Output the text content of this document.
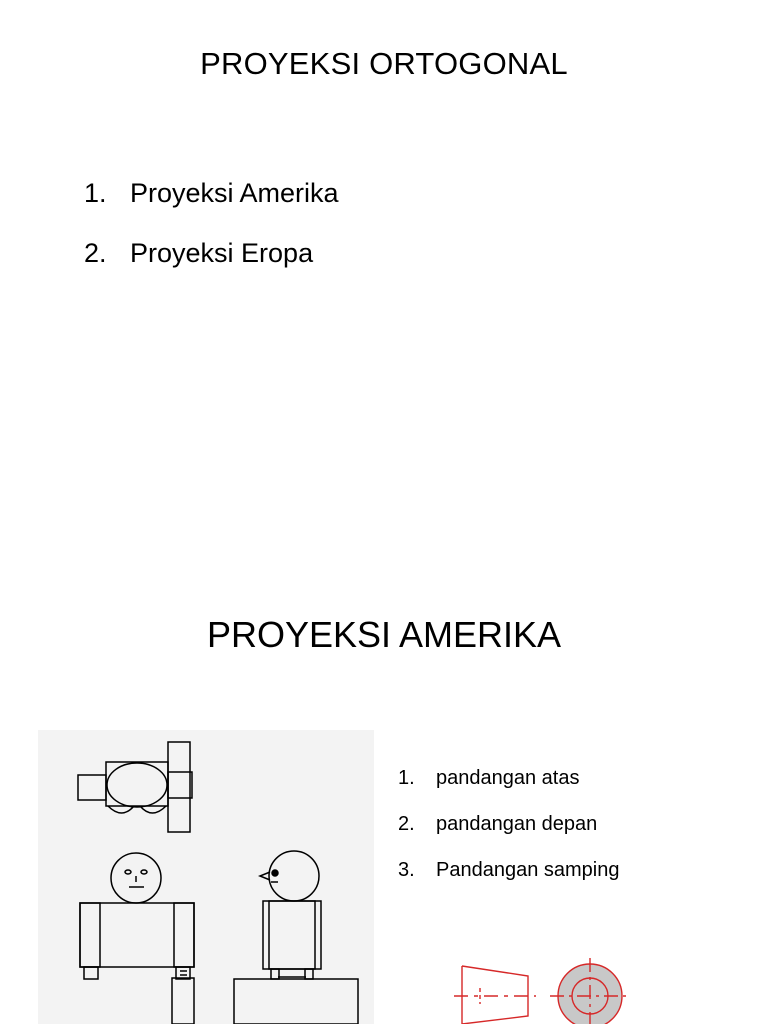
PROYEKSI ORTOGONAL
1. Proyeksi Amerika
2. Proyeksi Eropa
PROYEKSI AMERIKA
1.	pandangan atas
2.	pandangan depan
3.	Pandangan samping
